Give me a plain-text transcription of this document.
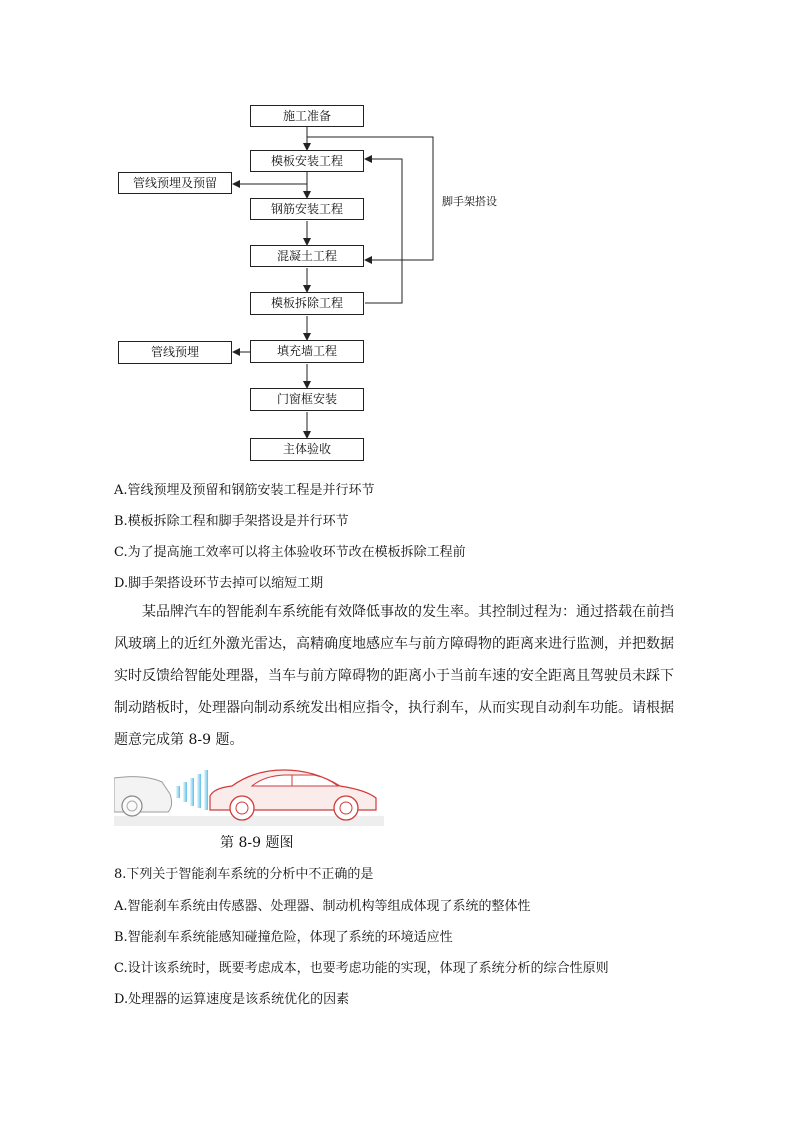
施工准备
模板安装工程
钢筋安装工程
混凝土工程
模板拆除工程
填充墙工程
门窗框安装
主体验收
管线预埋及预留
管线预埋
脚手架搭设
A.管线预埋及预留和钢筋安装工程是并行环节
B.模板拆除工程和脚手架搭设是并行环节
C.为了提高施工效率可以将主体验收环节改在模板拆除工程前
D.脚手架搭设环节去掉可以缩短工期
某品牌汽车的智能刹车系统能有效降低事故的发生率。其控制过程为：通过搭载在前挡风玻璃上的近红外激光雷达，高精确度地感应车与前方障碍物的距离来进行监测，并把数据实时反馈给智能处理器，当车与前方障碍物的距离小于当前车速的安全距离且驾驶员未踩下制动踏板时，处理器向制动系统发出相应指令，执行刹车，从而实现自动刹车功能。请根据题意完成第 8-9 题。
第 8-9 题图
8.下列关于智能刹车系统的分析中不正确的是
A.智能刹车系统由传感器、处理器、制动机构等组成体现了系统的整体性
B.智能刹车系统能感知碰撞危险，体现了系统的环境适应性
C.设计该系统时，既要考虑成本，也要考虑功能的实现，体现了系统分析的综合性原则
D.处理器的运算速度是该系统优化的因素
